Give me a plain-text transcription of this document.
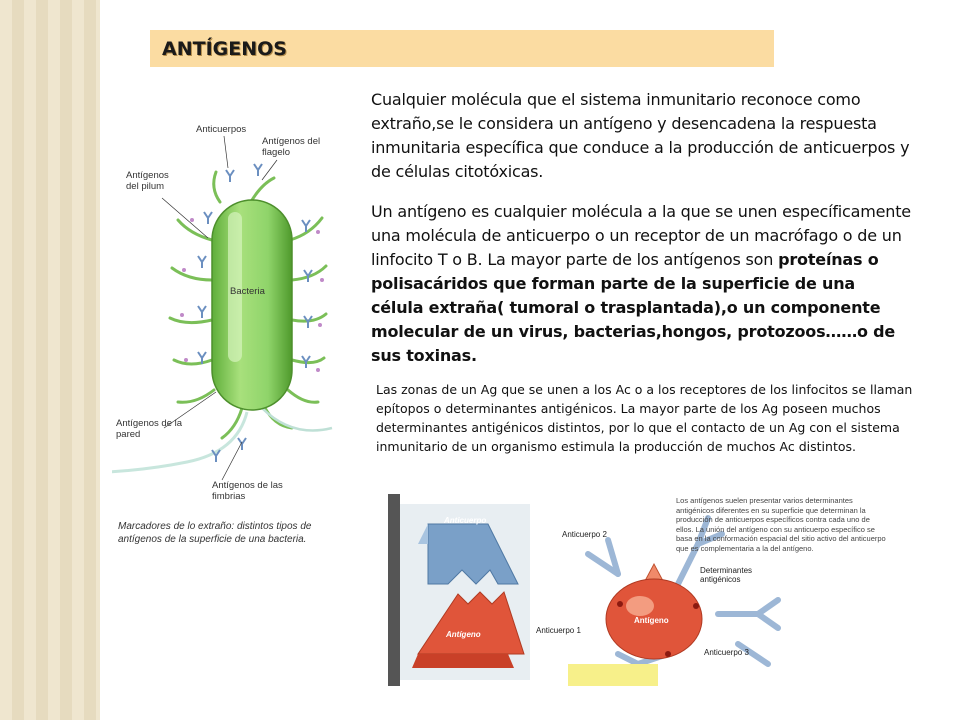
ANTÍGENOS

Cualquier molécula que el sistema inmunitario reconoce como extraño,se le considera un antígeno y desencadena la respuesta inmunitaria específica que conduce a la producción de anticuerpos y de células citotóxicas.

Un antígeno es cualquier molécula a la que se unen específicamente una molécula de anticuerpo o un receptor de un macrófago o de un linfocito T o B. La mayor parte de los antígenos son proteínas o polisacáridos que forman parte de la superficie de una célula extraña( tumoral o trasplantada),o un componente molecular de un virus, bacterias,hongos, protozoos……o de sus toxinas.

Las zonas de un Ag que se unen a los Ac o a los receptores de los linfocitos se llaman epítopos o determinantes antigénicos. La mayor parte de los Ag poseen muchos determinantes antigénicos distintos, por lo que el contacto de un Ag con el sistema inmunitario de un organismo estimula la producción de muchos Ac distintos.

Anticuerpos
Antígenos del flagelo
Antígenos del pilum
Bacteria
Antígenos de la pared
Antígenos de las fimbrias
Marcadores de lo extraño: distintos tipos de antígenos de la superficie de una bacteria.
Los antígenos suelen presentar varios determinantes antigénicos diferentes en su superficie que determinan la producción de anticuerpos específicos contra cada uno de ellos. La unión del antígeno con su anticuerpo específico se basa en la conformación espacial del sitio activo del anticuerpo que es complementaria a la del antígeno.
Anticuerpo
Antígeno
Anticuerpo 2
Determinantes antigénicos
Antígeno
Anticuerpo 1
Anticuerpo 3
